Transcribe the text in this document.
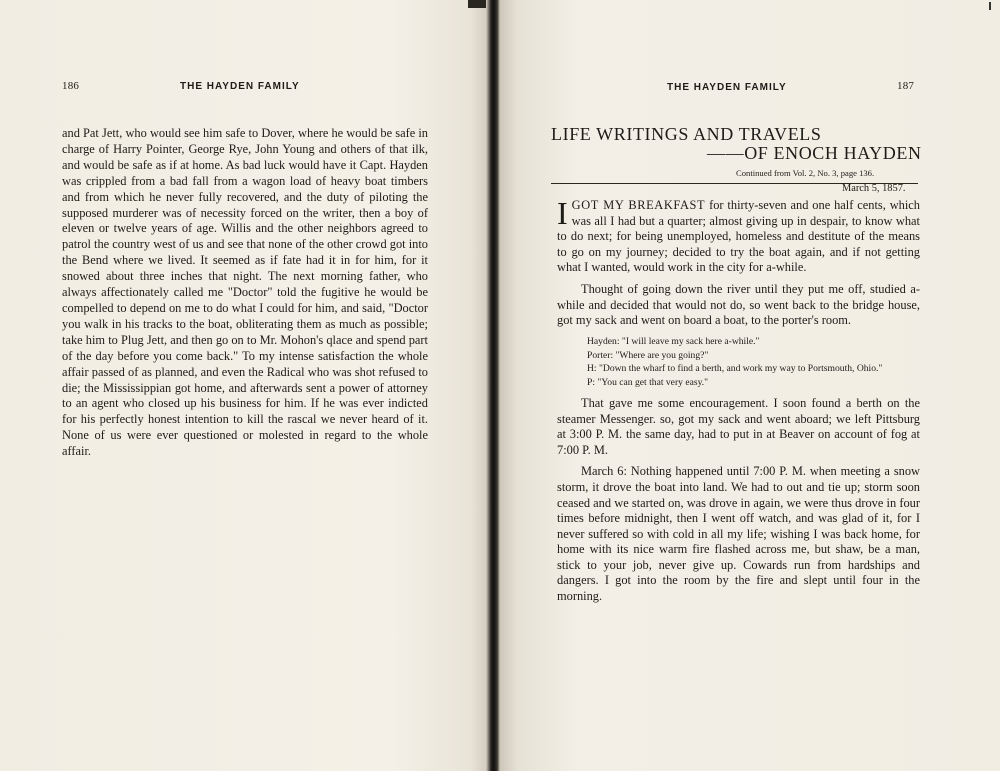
186	THE HAYDEN FAMILY

and Pat Jett, who would see him safe to Dover, where he would be safe in charge of Harry Pointer, George Rye, John Young and others of that ilk, and would be safe as if at home. As bad luck would have it Capt. Hayden was crippled from a bad fall from a wagon load of heavy boat timbers and from which he never fully recovered, and the duty of piloting the supposed murderer was of necessity forced on the writer, then a boy of eleven or twelve years of age. Willis and the other neighbors agreed to patrol the country west of us and see that none of the other crowd got into the Bend where we lived. It seemed as if fate had it in for him, for it snowed about three inches that night. The next morning father, who always affectionately called me "Doctor" told the fugitive he would be compelled to depend on me to do what I could for him, and said, "Doctor you walk in his tracks to the boat, obliterating them as much as possible; take him to Plug Jett, and then go on to Mr. Mohon's qlace and spend part of the day before you come back." To my intense satisfaction the whole affair passed of as planned, and even the Radical who was shot refused to die; the Mississippian got home, and afterwards sent a power of attorney to an agent who closed up his business for him. If he was ever indicted for his perfectly honest intention to kill the rascal we never heard of it. None of us were ever questioned or molested in regard to the whole affair.

THE HAYDEN FAMILY	187
LIFE WRITINGS AND TRAVELS
——OF ENOCH HAYDEN
Continued from Vol. 2, No. 3, page 136.
March 5, 1857.

IGOT MY BREAKFAST for thirty-seven and one half cents, which was all I had but a quarter; almost giving up in despair, to know what to do next; for being unemployed, homeless and destitute of the means to go on my journey; decided to try the boat again, and if not getting what I wanted, would work in the city for a-while.

Thought of going down the river until they put me off, studied a-while and decided that would not do, so went back to the bridge house, got my sack and went on board a boat, to the porter's room.

Hayden: "I will leave my sack here a-while."
Porter: "Where are you going?"
H: "Down the wharf to find a berth, and work my way to Portsmouth, Ohio."
P: "You can get that very easy."

That gave me some encouragement. I soon found a berth on the steamer Messenger. so, got my sack and went aboard; we left Pittsburg at 3:00 P. M. the same day, had to put in at Beaver on account of fog at 7:00 P. M.

March 6: Nothing happened until 7:00 P. M. when meeting a snow storm, it drove the boat into land. We had to out and tie up; storm soon ceased and we started on, was drove in again, we were thus drove in four times before midnight, then I went off watch, and was glad of it, for I never suffered so with cold in all my life; wishing I was back home, for home with its nice warm fire flashed across me, but shaw, be a man, stick to your job, never give up. Cowards run from hardships and dangers. I got into the room by the fire and slept until four in the morning.
